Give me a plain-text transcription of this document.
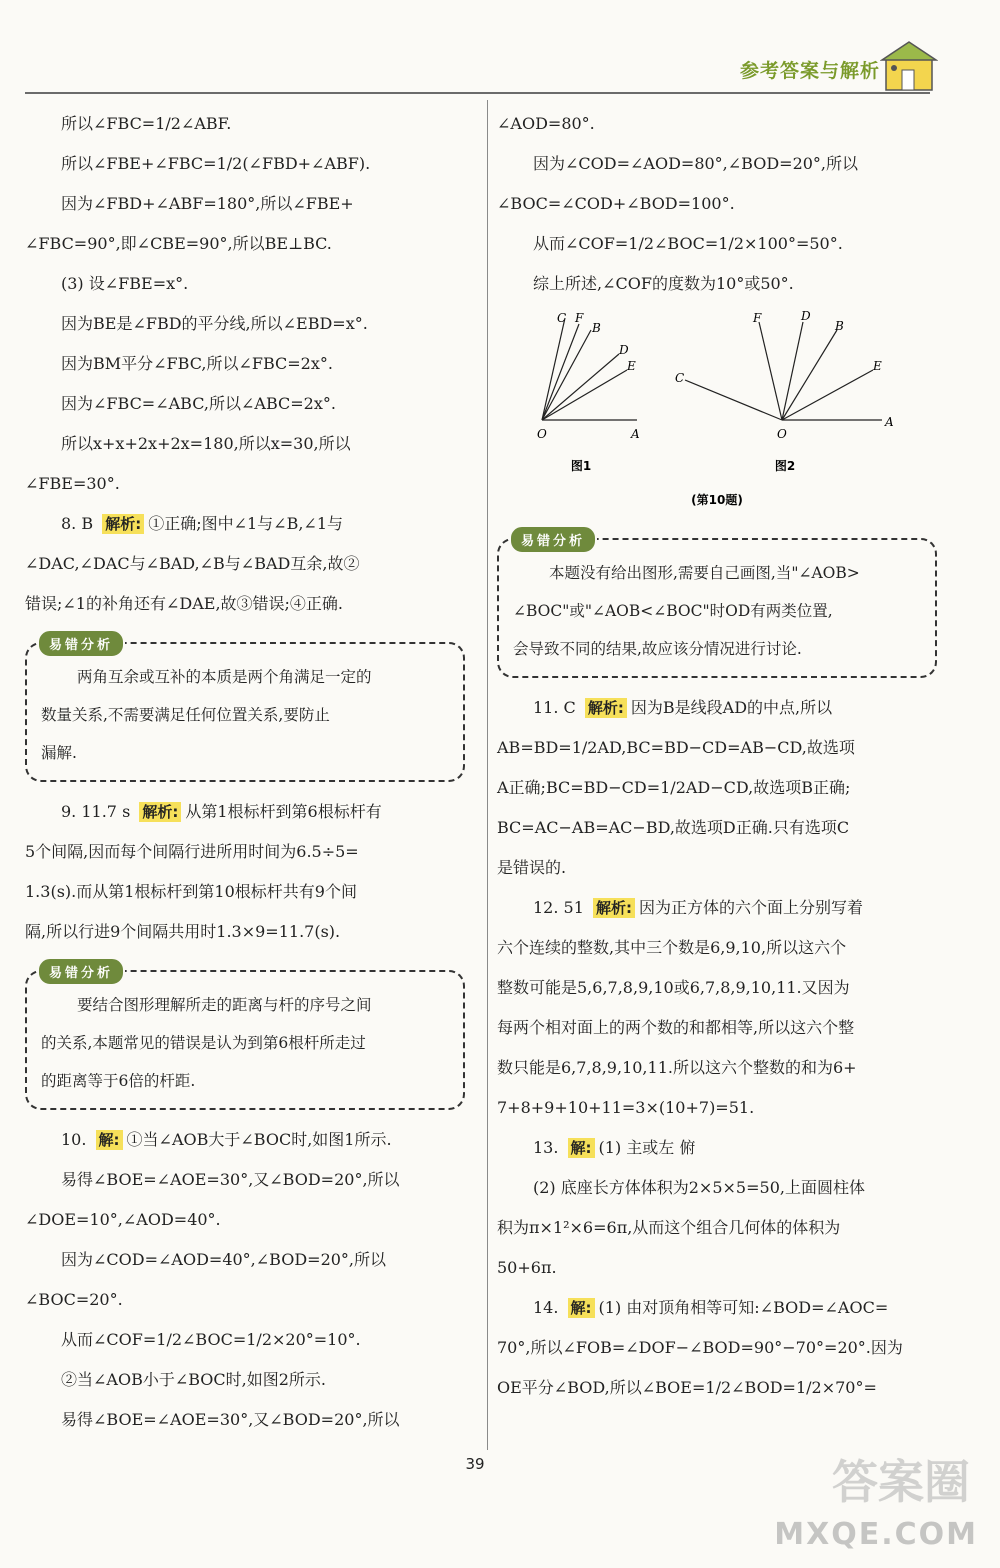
参考答案与解析

所以∠FBC=1/2∠ABF.

所以∠FBE+∠FBC=1/2(∠FBD+∠ABF).

因为∠FBD+∠ABF=180°,所以∠FBE+

∠FBC=90°,即∠CBE=90°,所以BE⊥BC.

(3) 设∠FBE=x°.

因为BE是∠FBD的平分线,所以∠EBD=x°.

因为BM平分∠FBC,所以∠FBC=2x°.

因为∠FBC=∠ABC,所以∠ABC=2x°.

所以x+x+2x+2x=180,所以x=30,所以

∠FBE=30°.

8. B 解析: ①正确;图中∠1与∠B,∠1与

∠DAC,∠DAC与∠BAD,∠B与∠BAD互余,故②

错误;∠1的补角还有∠DAE,故③错误;④正确.

易错分析

两角互余或互补的本质是两个角满足一定的

数量关系,不需要满足任何位置关系,要防止

漏解.

9. 11.7 s 解析: 从第1根标杆到第6根标杆有

5个间隔,因而每个间隔行进所用时间为6.5÷5=

1.3(s).而从第1根标杆到第10根标杆共有9个间

隔,所以行进9个间隔共用时1.3×9=11.7(s).

易错分析

要结合图形理解所走的距离与杆的序号之间

的关系,本题常见的错误是认为到第6根杆所走过

的距离等于6倍的杆距.

10. 解: ①当∠AOB大于∠BOC时,如图1所示.

易得∠BOE=∠AOE=30°,又∠BOD=20°,所以

∠DOE=10°,∠AOD=40°.

因为∠COD=∠AOD=40°,∠BOD=20°,所以

∠BOC=20°.

从而∠COF=1/2∠BOC=1/2×20°=10°.

②当∠AOB小于∠BOC时,如图2所示.

易得∠BOE=∠AOE=30°,又∠BOD=20°,所以

∠AOD=80°.

因为∠COD=∠AOD=80°,∠BOD=20°,所以

∠BOC=∠COD+∠BOD=100°.

从而∠COF=1/2∠BOC=1/2×100°=50°.

综上所述,∠COF的度数为10°或50°.

C F
B
D
E
O	A
F	D
B
E
C
O
A
图1	图2
(第10题)
易错分析

本题没有给出图形,需要自己画图,当"∠AOB>

∠BOC"或"∠AOB<∠BOC"时OD有两类位置,

会导致不同的结果,故应该分情况进行讨论.

11. C 解析: 因为B是线段AD的中点,所以

AB=BD=1/2AD,BC=BD−CD=AB−CD,故选项

A正确;BC=BD−CD=1/2AD−CD,故选项B正确;

BC=AC−AB=AC−BD,故选项D正确.只有选项C

是错误的.

12. 51 解析: 因为正方体的六个面上分别写着

六个连续的整数,其中三个数是6,9,10,所以这六个

整数可能是5,6,7,8,9,10或6,7,8,9,10,11.又因为

每两个相对面上的两个数的和都相等,所以这六个整

数只能是6,7,8,9,10,11.所以这六个整数的和为6+

7+8+9+10+11=3×(10+7)=51.

13. 解: (1) 主或左 俯

(2) 底座长方体体积为2×5×5=50,上面圆柱体

积为π×1²×6=6π,从而这个组合几何体的体积为

50+6π.

14. 解: (1) 由对顶角相等可知:∠BOD=∠AOC=

70°,所以∠FOB=∠DOF−∠BOD=90°−70°=20°.因为

OE平分∠BOD,所以∠BOE=1/2∠BOD=1/2×70°=

39	答案圈
MXQE.COM
